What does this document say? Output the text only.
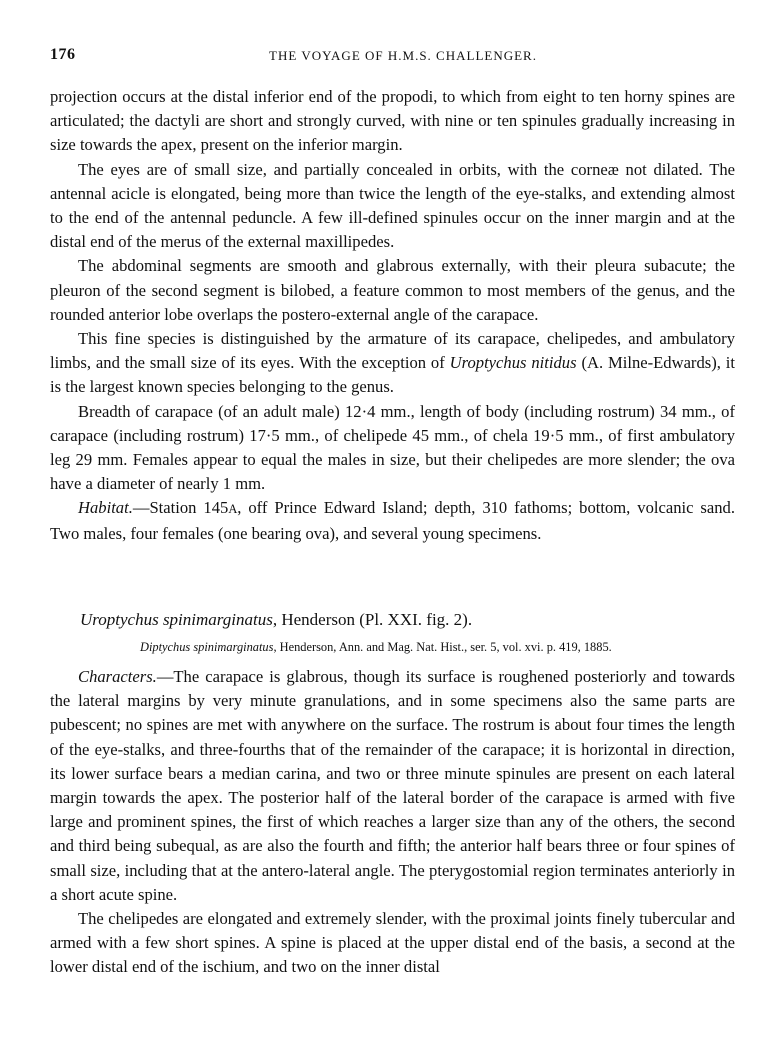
176	THE VOYAGE OF H.M.S. CHALLENGER.

projection occurs at the distal inferior end of the propodi, to which from eight to ten horny spines are articulated; the dactyli are short and strongly curved, with nine or ten spinules gradually increasing in size towards the apex, present on the inferior margin.

The eyes are of small size, and partially concealed in orbits, with the corneæ not dilated. The antennal acicle is elongated, being more than twice the length of the eye-stalks, and extending almost to the end of the antennal peduncle. A few ill-defined spinules occur on the inner margin and at the distal end of the merus of the external maxillipedes.

The abdominal segments are smooth and glabrous externally, with their pleura subacute; the pleuron of the second segment is bilobed, a feature common to most members of the genus, and the rounded anterior lobe overlaps the postero-external angle of the carapace.

This fine species is distinguished by the armature of its carapace, chelipedes, and ambulatory limbs, and the small size of its eyes. With the exception of Uroptychus nitidus (A. Milne-Edwards), it is the largest known species belonging to the genus.

Breadth of carapace (of an adult male) 12·4 mm., length of body (including rostrum) 34 mm., of carapace (including rostrum) 17·5 mm., of chelipede 45 mm., of chela 19·5 mm., of first ambulatory leg 29 mm. Females appear to equal the males in size, but their chelipedes are more slender; the ova have a diameter of nearly 1 mm.

Habitat.—Station 145A, off Prince Edward Island; depth, 310 fathoms; bottom, volcanic sand. Two males, four females (one bearing ova), and several young specimens.

Uroptychus spinimarginatus, Henderson (Pl. XXI. fig. 2).
Diptychus spinimarginatus, Henderson, Ann. and Mag. Nat. Hist., ser. 5, vol. xvi. p. 419, 1885.

Characters.—The carapace is glabrous, though its surface is roughened posteriorly and towards the lateral margins by very minute granulations, and in some specimens also the same parts are pubescent; no spines are met with anywhere on the surface. The rostrum is about four times the length of the eye-stalks, and three-fourths that of the remainder of the carapace; it is horizontal in direction, its lower surface bears a median carina, and two or three minute spinules are present on each lateral margin towards the apex. The posterior half of the lateral border of the carapace is armed with five large and prominent spines, the first of which reaches a larger size than any of the others, the second and third being subequal, as are also the fourth and fifth; the anterior half bears three or four spines of small size, including that at the antero-lateral angle. The pterygostomial region terminates anteriorly in a short acute spine.

The chelipedes are elongated and extremely slender, with the proximal joints finely tubercular and armed with a few short spines. A spine is placed at the upper distal end of the basis, a second at the lower distal end of the ischium, and two on the inner distal
